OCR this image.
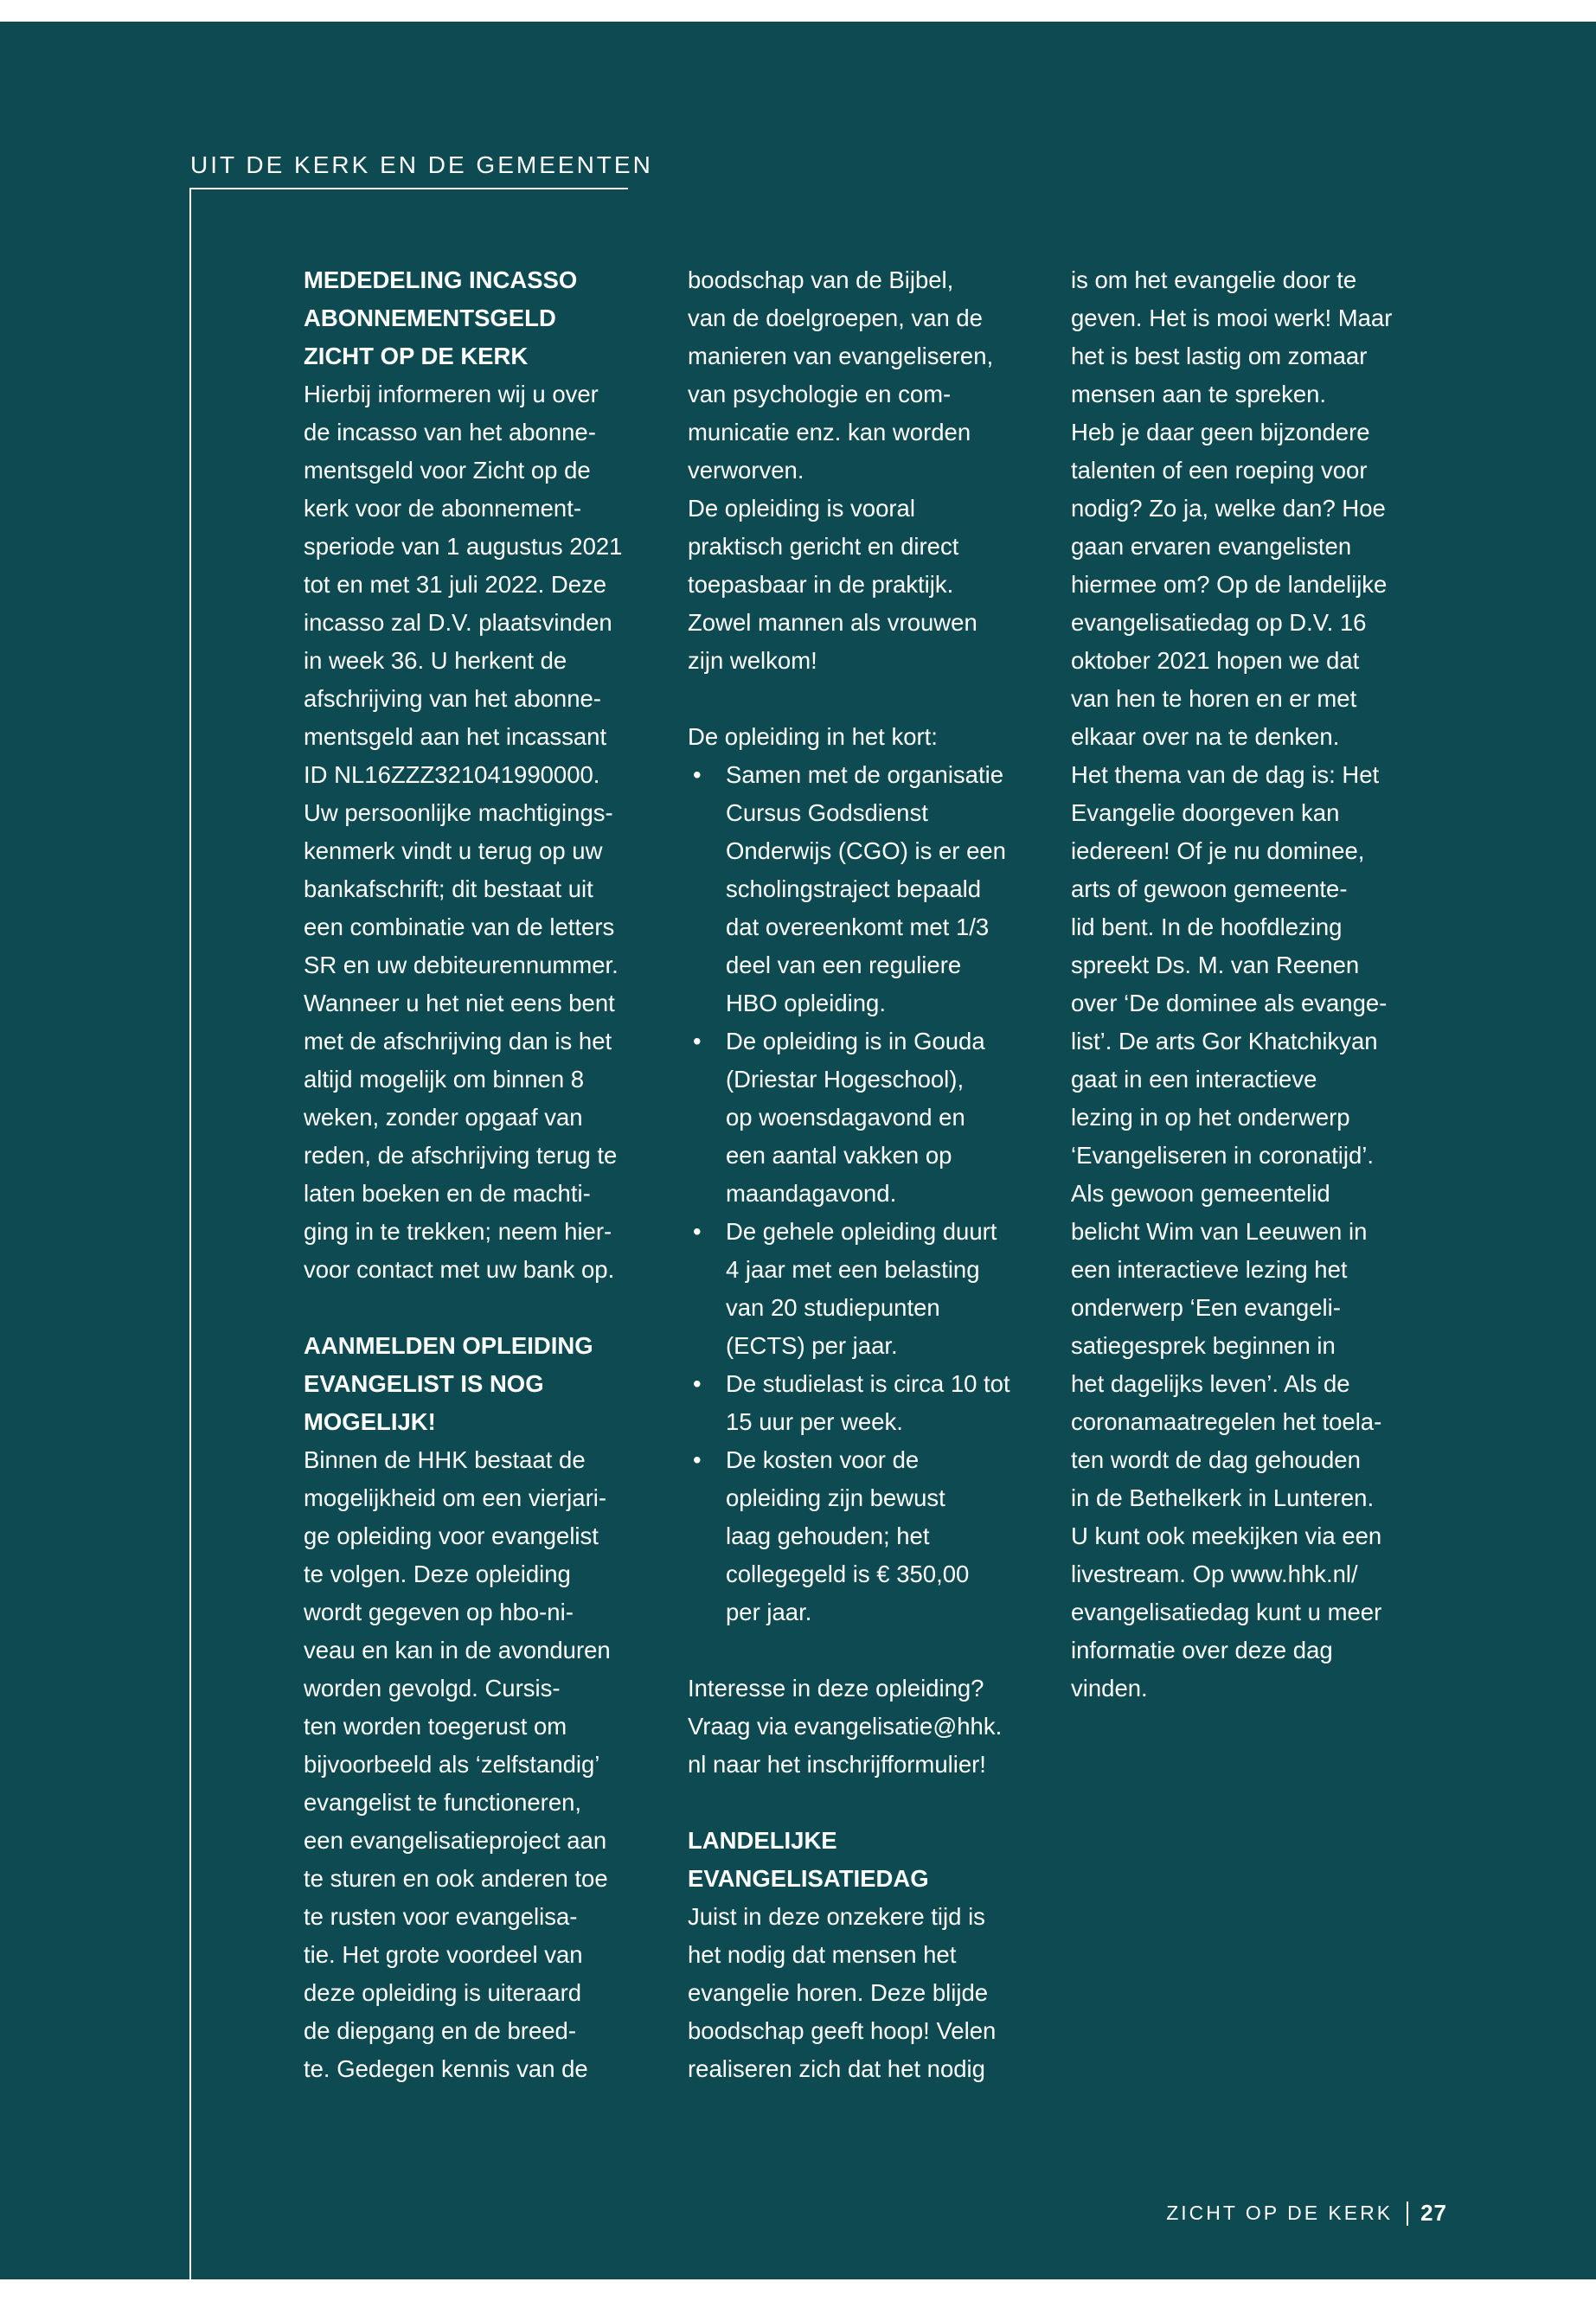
UIT DE KERK EN DE GEMEENTEN

MEDEDELING INCASSO
ABONNEMENTSGELD
ZICHT OP DE KERK

Hierbij informeren wij u over
de incasso van het abonne-
mentsgeld voor Zicht op de
kerk voor de abonnement-
speriode van 1 augustus 2021
tot en met 31 juli 2022. Deze
incasso zal D.V. plaatsvinden
in week 36. U herkent de
afschrijving van het abonne-
mentsgeld aan het incassant
ID NL16ZZZ321041990000.
Uw persoonlijke machtigings-
kenmerk vindt u terug op uw
bankafschrift; dit bestaat uit
een combinatie van de letters
SR en uw debiteurennummer.
Wanneer u het niet eens bent
met de afschrijving dan is het
altijd mogelijk om binnen 8
weken, zonder opgaaf van
reden, de afschrijving terug te
laten boeken en de machti-
ging in te trekken; neem hier-
voor contact met uw bank op.

AANMELDEN OPLEIDING
EVANGELIST IS NOG
MOGELIJK!

Binnen de HHK bestaat de
mogelijkheid om een vierjari-
ge opleiding voor evangelist
te volgen. Deze opleiding
wordt gegeven op hbo-ni-
veau en kan in de avonduren
worden gevolgd. Cursis-
ten worden toegerust om
bijvoorbeeld als ‘zelfstandig’
evangelist te functioneren,
een evangelisatieproject aan
te sturen en ook anderen toe
te rusten voor evangelisa-
tie. Het grote voordeel van
deze opleiding is uiteraard
de diepgang en de breed-
te. Gedegen kennis van de

boodschap van de Bijbel,
van de doelgroepen, van de
manieren van evangeliseren,
van psychologie en com-
municatie enz. kan worden
verworven.

De opleiding is vooral
praktisch gericht en direct
toepasbaar in de praktijk.
Zowel mannen als vrouwen
zijn welkom!

De opleiding in het kort:

• Samen met de organisatie
Cursus Godsdienst
Onderwijs (CGO) is er een
scholingstraject bepaald
dat overeenkomt met 1/3
deel van een reguliere
HBO opleiding.
• De opleiding is in Gouda
(Driestar Hogeschool),
op woensdagavond en
een aantal vakken op
maandagavond.
• De gehele opleiding duurt
4 jaar met een belasting
van 20 studiepunten
(ECTS) per jaar.
• De studielast is circa 10 tot
15 uur per week.
• De kosten voor de
opleiding zijn bewust
laag gehouden; het
collegegeld is € 350,00
per jaar.

Interesse in deze opleiding?
Vraag via evangelisatie@hhk.
nl naar het inschrijfformulier!

LANDELIJKE
EVANGELISATIEDAG

Juist in deze onzekere tijd is
het nodig dat mensen het
evangelie horen. Deze blijde
boodschap geeft hoop! Velen
realiseren zich dat het nodig

is om het evangelie door te
geven. Het is mooi werk! Maar
het is best lastig om zomaar
mensen aan te spreken.
Heb je daar geen bijzondere
talenten of een roeping voor
nodig? Zo ja, welke dan? Hoe
gaan ervaren evangelisten
hiermee om? Op de landelijke
evangelisatiedag op D.V. 16
oktober 2021 hopen we dat
van hen te horen en er met
elkaar over na te denken.
Het thema van de dag is: Het
Evangelie doorgeven kan
iedereen! Of je nu dominee,
arts of gewoon gemeente-
lid bent. In de hoofdlezing
spreekt Ds. M. van Reenen
over ‘De dominee als evange-
list’. De arts Gor Khatchikyan
gaat in een interactieve
lezing in op het onderwerp
‘Evangeliseren in coronatijd’.
Als gewoon gemeentelid
belicht Wim van Leeuwen in
een interactieve lezing het
onderwerp ‘Een evangeli-
satiegesprek beginnen in
het dagelijks leven’. Als de
coronamaatregelen het toela-
ten wordt de dag gehouden
in de Bethelkerk in Lunteren.
U kunt ook meekijken via een
livestream. Op www.hhk.nl/
evangelisatiedag kunt u meer
informatie over deze dag
vinden.

ZICHT OP DE KERK 27
